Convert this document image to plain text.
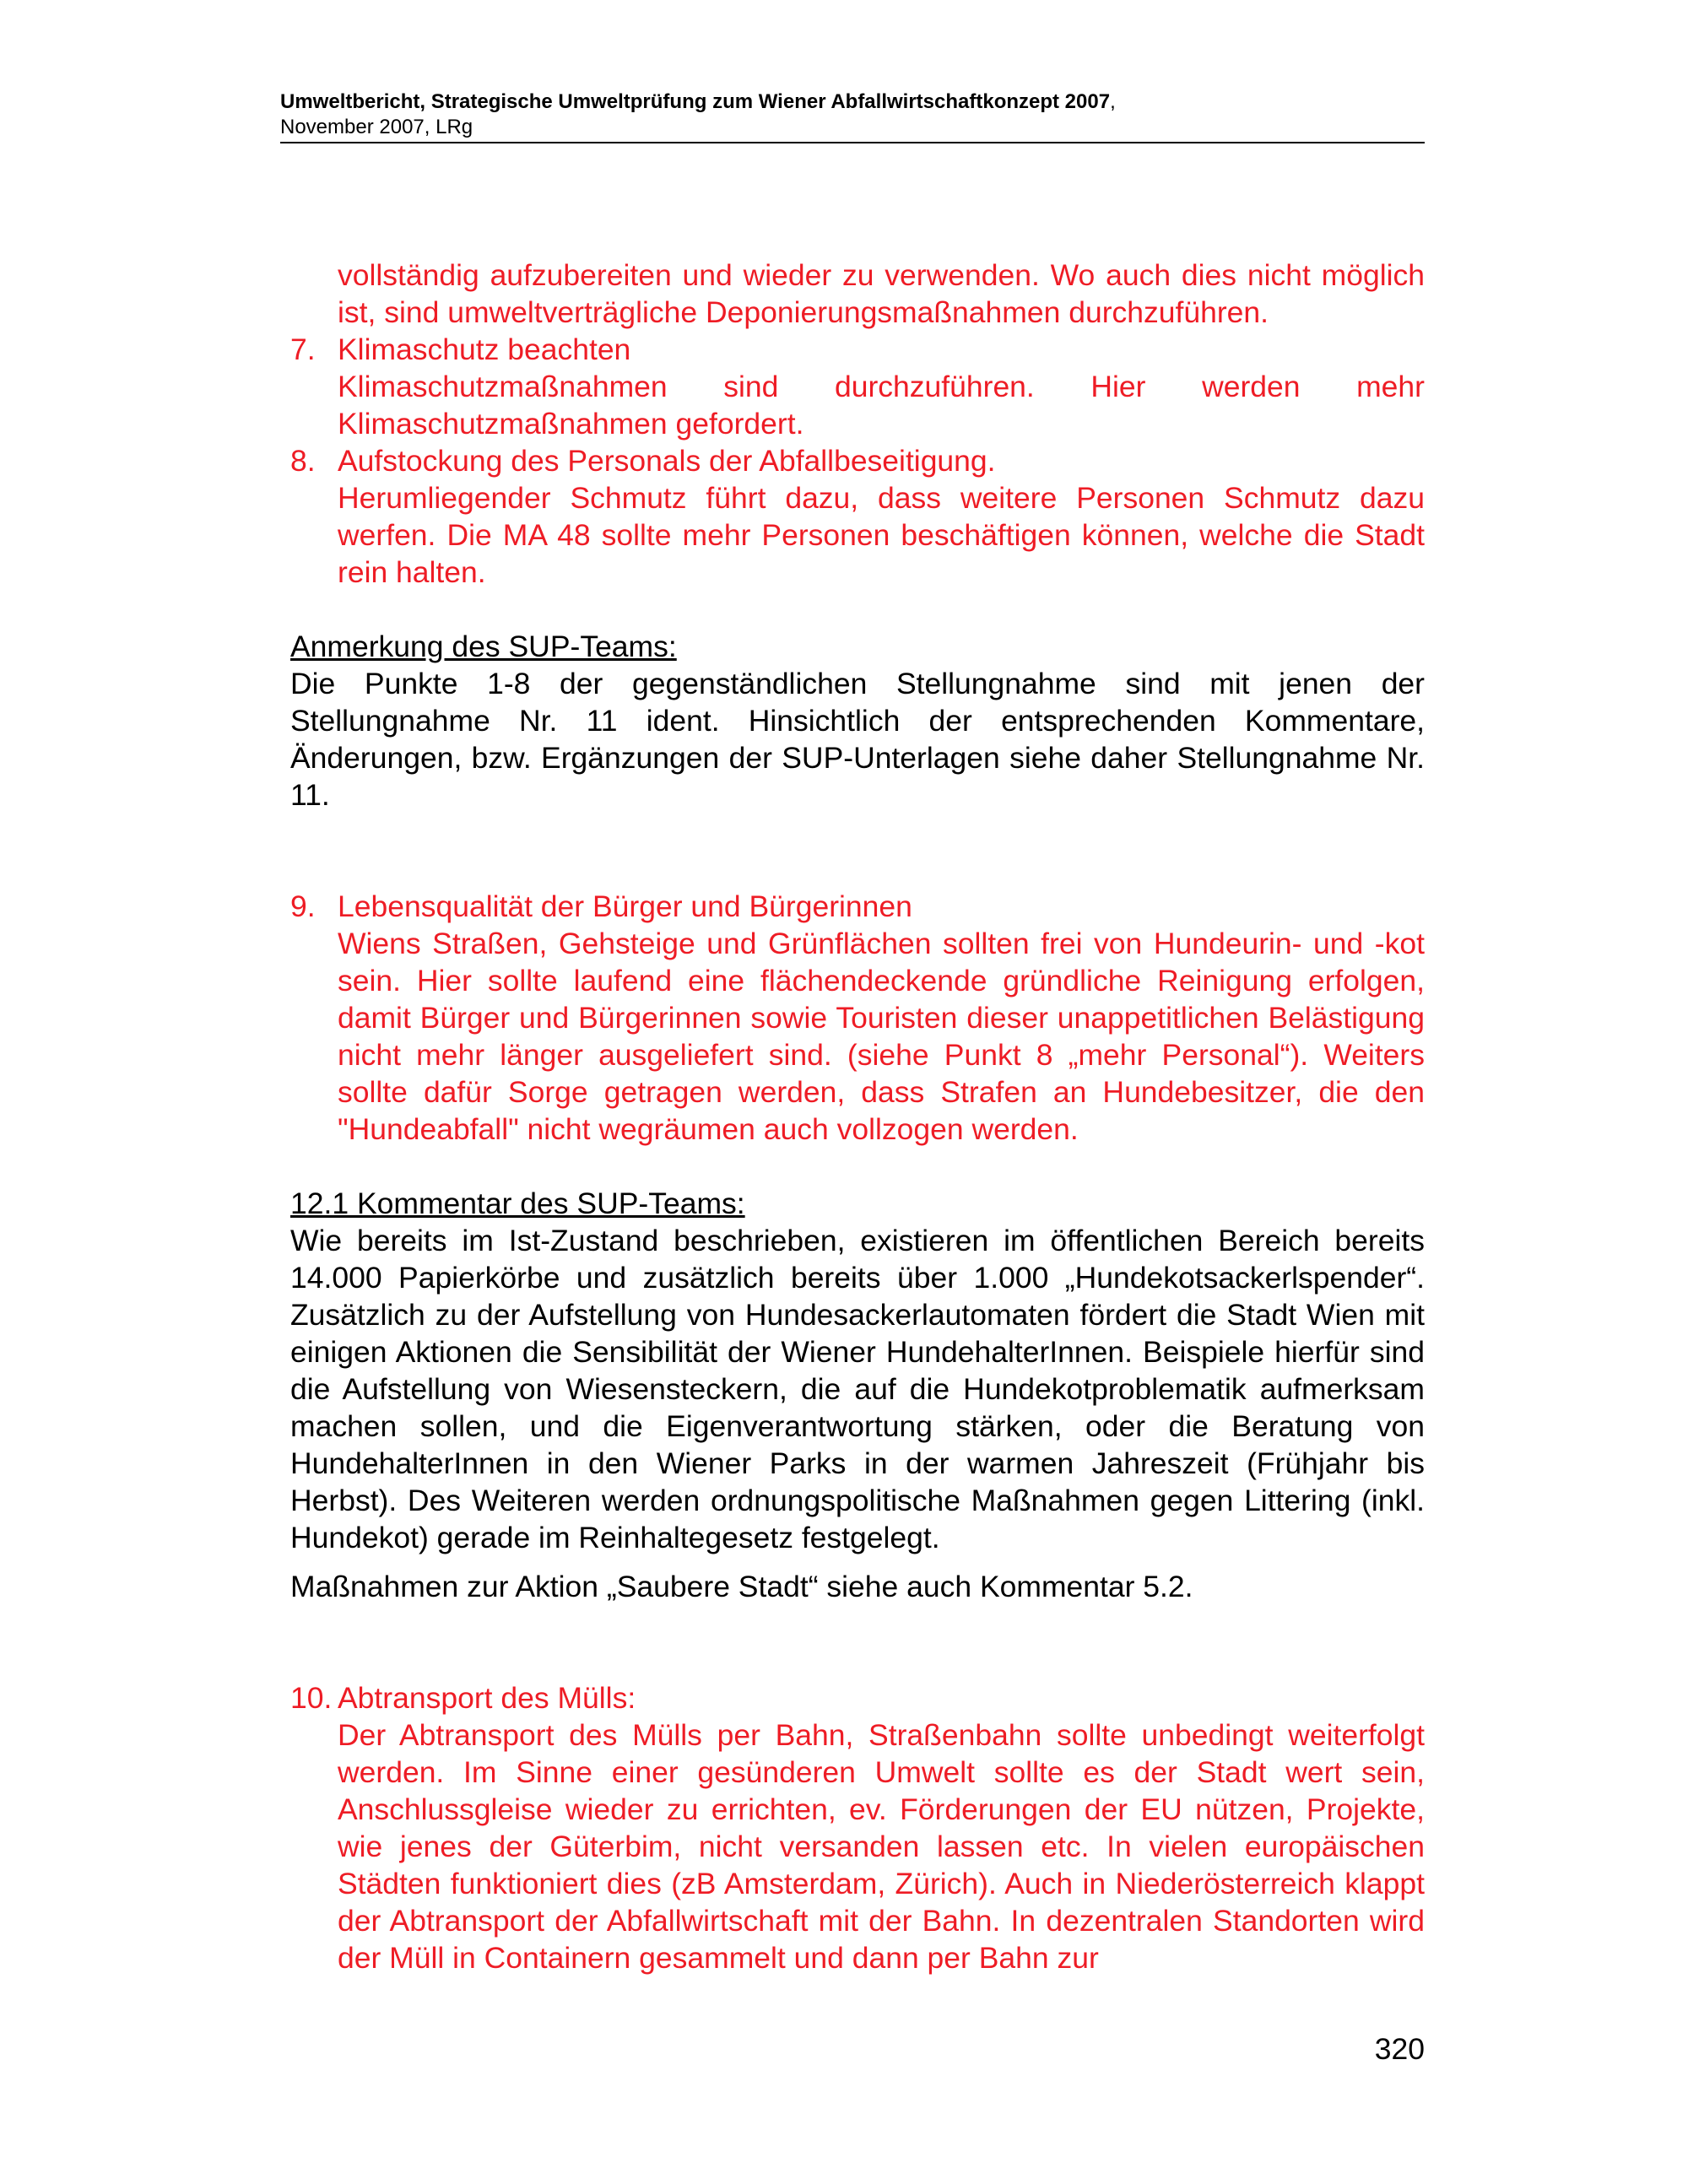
Umweltbericht, Strategische Umweltprüfung zum Wiener Abfallwirtschaftkonzept 2007,
November 2007, LRg
vollständig aufzubereiten und wieder zu verwenden. Wo auch dies nicht möglich ist, sind umweltverträgliche Deponierungsmaßnahmen durchzuführen.
7. Klimaschutz beachten
Klimaschutzmaßnahmen sind durchzuführen. Hier werden mehr Klimaschutzmaßnahmen gefordert.
8. Aufstockung des Personals der Abfallbeseitigung.
Herumliegender Schmutz führt dazu, dass weitere Personen Schmutz dazu werfen. Die MA 48 sollte mehr Personen beschäftigen können, welche die Stadt rein halten.
Anmerkung des SUP-Teams:
Die Punkte 1-8 der gegenständlichen Stellungnahme sind mit jenen der Stellungnahme Nr. 11 ident. Hinsichtlich der entsprechenden Kommentare, Änderungen, bzw. Ergänzungen der SUP-Unterlagen siehe daher Stellungnahme Nr. 11.
9. Lebensqualität der Bürger und Bürgerinnen
Wiens Straßen, Gehsteige und Grünflächen sollten frei von Hundeurin- und -kot sein. Hier sollte laufend eine flächendeckende gründliche Reinigung erfolgen, damit Bürger und Bürgerinnen sowie Touristen dieser unappetitlichen Belästigung nicht mehr länger ausgeliefert sind. (siehe Punkt 8 „mehr Personal“). Weiters sollte dafür Sorge getragen werden, dass Strafen an Hundebesitzer, die den "Hundeabfall" nicht wegräumen auch vollzogen werden.
12.1 Kommentar des SUP-Teams:
Wie bereits im Ist-Zustand beschrieben, existieren im öffentlichen Bereich bereits 14.000 Papierkörbe und zusätzlich bereits über 1.000 „Hundekotsackerlspender“. Zusätzlich zu der Aufstellung von Hundesackerlautomaten fördert die Stadt Wien mit einigen Aktionen die Sensibilität der Wiener HundehalterInnen. Beispiele hierfür sind die Aufstellung von Wiesensteckern, die auf die Hundekotproblematik aufmerksam machen sollen, und die Eigenverantwortung stärken, oder die Beratung von HundehalterInnen in den Wiener Parks in der warmen Jahreszeit (Frühjahr bis Herbst). Des Weiteren werden ordnungspolitische Maßnahmen gegen Littering (inkl. Hundekot) gerade im Reinhaltegesetz festgelegt.
Maßnahmen zur Aktion „Saubere Stadt“ siehe auch Kommentar 5.2.
10. Abtransport des Mülls:
Der Abtransport des Mülls per Bahn, Straßenbahn sollte unbedingt weiterfolgt werden. Im Sinne einer gesünderen Umwelt sollte es der Stadt wert sein, Anschlussgleise wieder zu errichten, ev. Förderungen der EU nützen, Projekte, wie jenes der Güterbim, nicht versanden lassen etc. In vielen europäischen Städten funktioniert dies (zB Amsterdam, Zürich). Auch in Niederösterreich klappt der Abtransport der Abfallwirtschaft mit der Bahn. In dezentralen Standorten wird der Müll in Containern gesammelt und dann per Bahn zur
320
